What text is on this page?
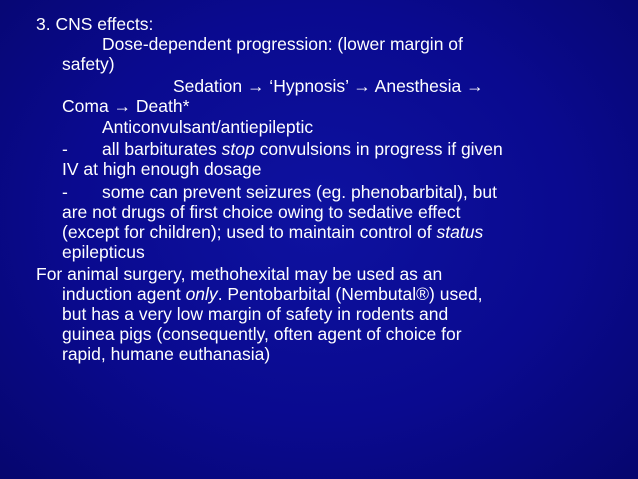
3. CNS effects:
Dose-dependent progression: (lower margin of
safety)
Sedation → ‘Hypnosis’ → Anesthesia →
Coma → Death*
Anticonvulsant/antiepileptic
- all barbiturates stop convulsions in progress if given
IV at high enough dosage
- some can prevent seizures (eg. phenobarbital), but
are not drugs of first choice owing to sedative effect
(except for children); used to maintain control of status
epilepticus
For animal surgery, methohexital may be used as an
induction agent only. Pentobarbital (Nembutal®) used,
but has a very low margin of safety in rodents and
guinea pigs (consequently, often agent of choice for
rapid, humane euthanasia)
